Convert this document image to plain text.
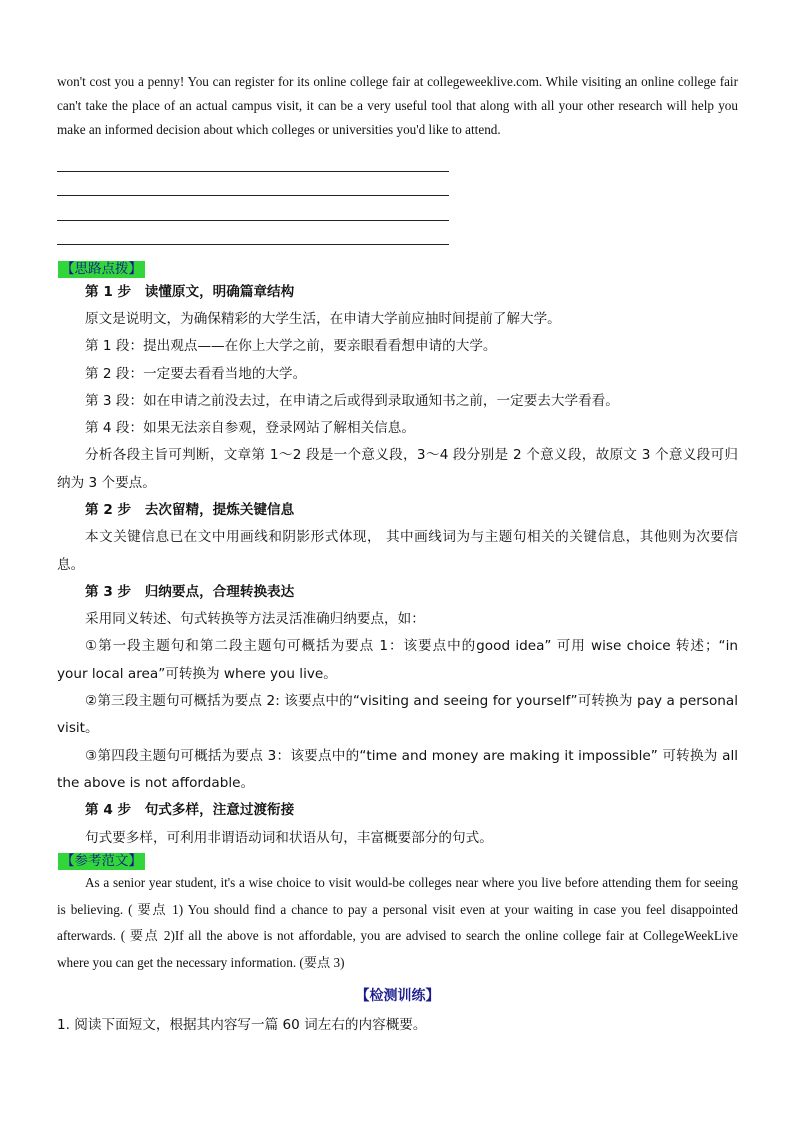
won't cost you a penny! You can register for its online college fair at collegeweeklive.com. While visiting an online college fair can't take the place of an actual campus visit, it can be a very useful tool that along with all your other research will help you make an informed decision about which colleges or universities you'd like to attend.

【思路点拨】

第 1 步　读懂原文，明确篇章结构

原文是说明文，为确保精彩的大学生活，在申请大学前应抽时间提前了解大学。

第 1 段：提出观点——在你上大学之前，要亲眼看看想申请的大学。

第 2 段：一定要去看看当地的大学。

第 3 段：如在申请之前没去过，在申请之后或得到录取通知书之前，一定要去大学看看。

第 4 段：如果无法亲自参观，登录网站了解相关信息。

分析各段主旨可判断，文章第 1～2 段是一个意义段，3～4 段分别是 2 个意义段，故原文 3 个意义段可归纳为 3 个要点。

第 2 步　去次留精，提炼关键信息

本文关键信息已在文中用画线和阴影形式体现， 其中画线词为与主题句相关的关键信息，其他则为次要信息。

第 3 步　归纳要点，合理转换表达

采用同义转述、句式转换等方法灵活准确归纳要点，如：

①第一段主题句和第二段主题句可概括为要点 1：该要点中的good idea” 可用 wise choice 转述；“in your local area”可转换为 where you live。

②第三段主题句可概括为要点 2: 该要点中的“visiting and seeing for yourself”可转换为 pay a personal visit。

③第四段主题句可概括为要点 3：该要点中的“time and money are making it impossible” 可转换为 all the above is not affordable。

第 4 步　句式多样，注意过渡衔接

句式要多样，可利用非谓语动词和状语从句，丰富概要部分的句式。

【参考范文】

As a senior year student, it's a wise choice to visit would-be colleges near where you live before attending them for seeing is believing. ( 要点 1) You should find a chance to pay a personal visit even at your waiting in case you feel disappointed afterwards. ( 要点 2)If all the above is not affordable, you are advised to search the online college fair at CollegeWeekLive where you can get the necessary information. (要点 3)

【检测训练】

1. 阅读下面短文，根据其内容写一篇 60 词左右的内容概要。
